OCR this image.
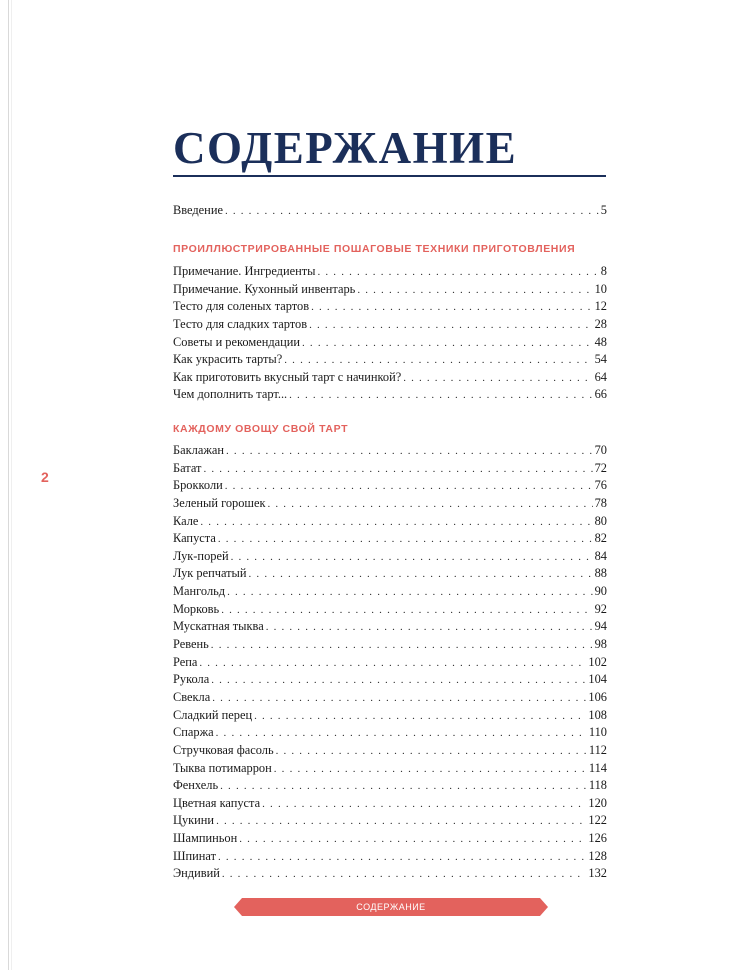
2
СОДЕРЖАНИЕ
Введение . . .	5
ПРОИЛЛЮСТРИРОВАННЫЕ ПОШАГОВЫЕ ТЕХНИКИ ПРИГОТОВЛЕНИЯ
Примечание. Ингредиенты . . .	8
Примечание. Кухонный инвентарь . . .	10
Тесто для соленых тартов . . .	12
Тесто для сладких тартов . . .	28
Советы и рекомендации . . .	48
Как украсить тарты? . . .	54
Как приготовить вкусный тарт с начинкой? . . .	64
Чем дополнить тарт... . . .	66
КАЖДОМУ ОВОЩУ СВОЙ ТАРТ
Баклажан . . .	70
Батат . . .	72
Брокколи . . .	76
Зеленый горошек . . .	78
Кале . . .	80
Капуста . . .	82
Лук-порей . . .	84
Лук репчатый . . .	88
Мангольд . . .	90
Морковь . . .	92
Мускатная тыква . . .	94
Ревень . . .	98
Репа . . .	102
Рукола . . .	104
Свекла . . .	106
Сладкий перец . . .	108
Спаржа . . .	110
Стручковая фасоль . . .	112
Тыква потимаррон . . .	114
Фенхель . . .	118
Цветная капуста . . .	120
Цукини . . .	122
Шампиньон . . .	126
Шпинат . . .	128
Эндивий . . .	132
СОДЕРЖАНИЕ
